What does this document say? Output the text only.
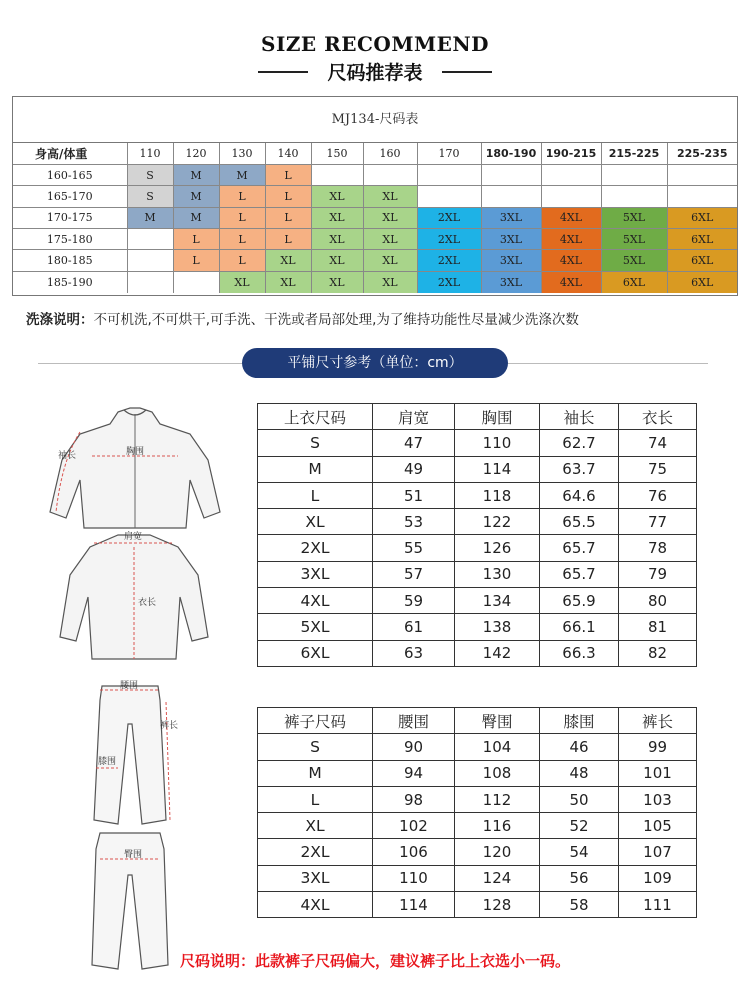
SIZE RECOMMEND
尺码推荐表
MJ134-尺码表
身高/体重	110	120	130	140	150	160	170	180-190	190-215	215-225	225-235
160-165	S	M	M	L							
165-170	S	M	L	L	XL	XL					
170-175	M	M	L	L	XL	XL	2XL	3XL	4XL	5XL	6XL
175-180		L	L	L	XL	XL	2XL	3XL	4XL	5XL	6XL
180-185		L	L	XL	XL	XL	2XL	3XL	4XL	5XL	6XL
185-190			XL	XL	XL	XL	2XL	3XL	4XL	6XL	6XL
洗涤说明：不可机洗,不可烘干,可手洗、干洗或者局部处理,为了维持功能性尽量减少洗涤次数
平铺尺寸参考（单位：cm）
袖长	胸围
肩宽
衣长
腰围
裤长
膝围
臀围
上衣尺码	肩宽	胸围	袖长	衣长
S	47	110	62.7	74
M	49	114	63.7	75
L	51	118	64.6	76
XL	53	122	65.5	77
2XL	55	126	65.7	78
3XL	57	130	65.7	79
4XL	59	134	65.9	80
5XL	61	138	66.1	81
6XL	63	142	66.3	82
裤子尺码	腰围	臀围	膝围	裤长
S	90	104	46	99
M	94	108	48	101
L	98	112	50	103
XL	102	116	52	105
2XL	106	120	54	107
3XL	110	124	56	109
4XL	114	128	58	111
尺码说明：此款裤子尺码偏大，建议裤子比上衣选小一码。
